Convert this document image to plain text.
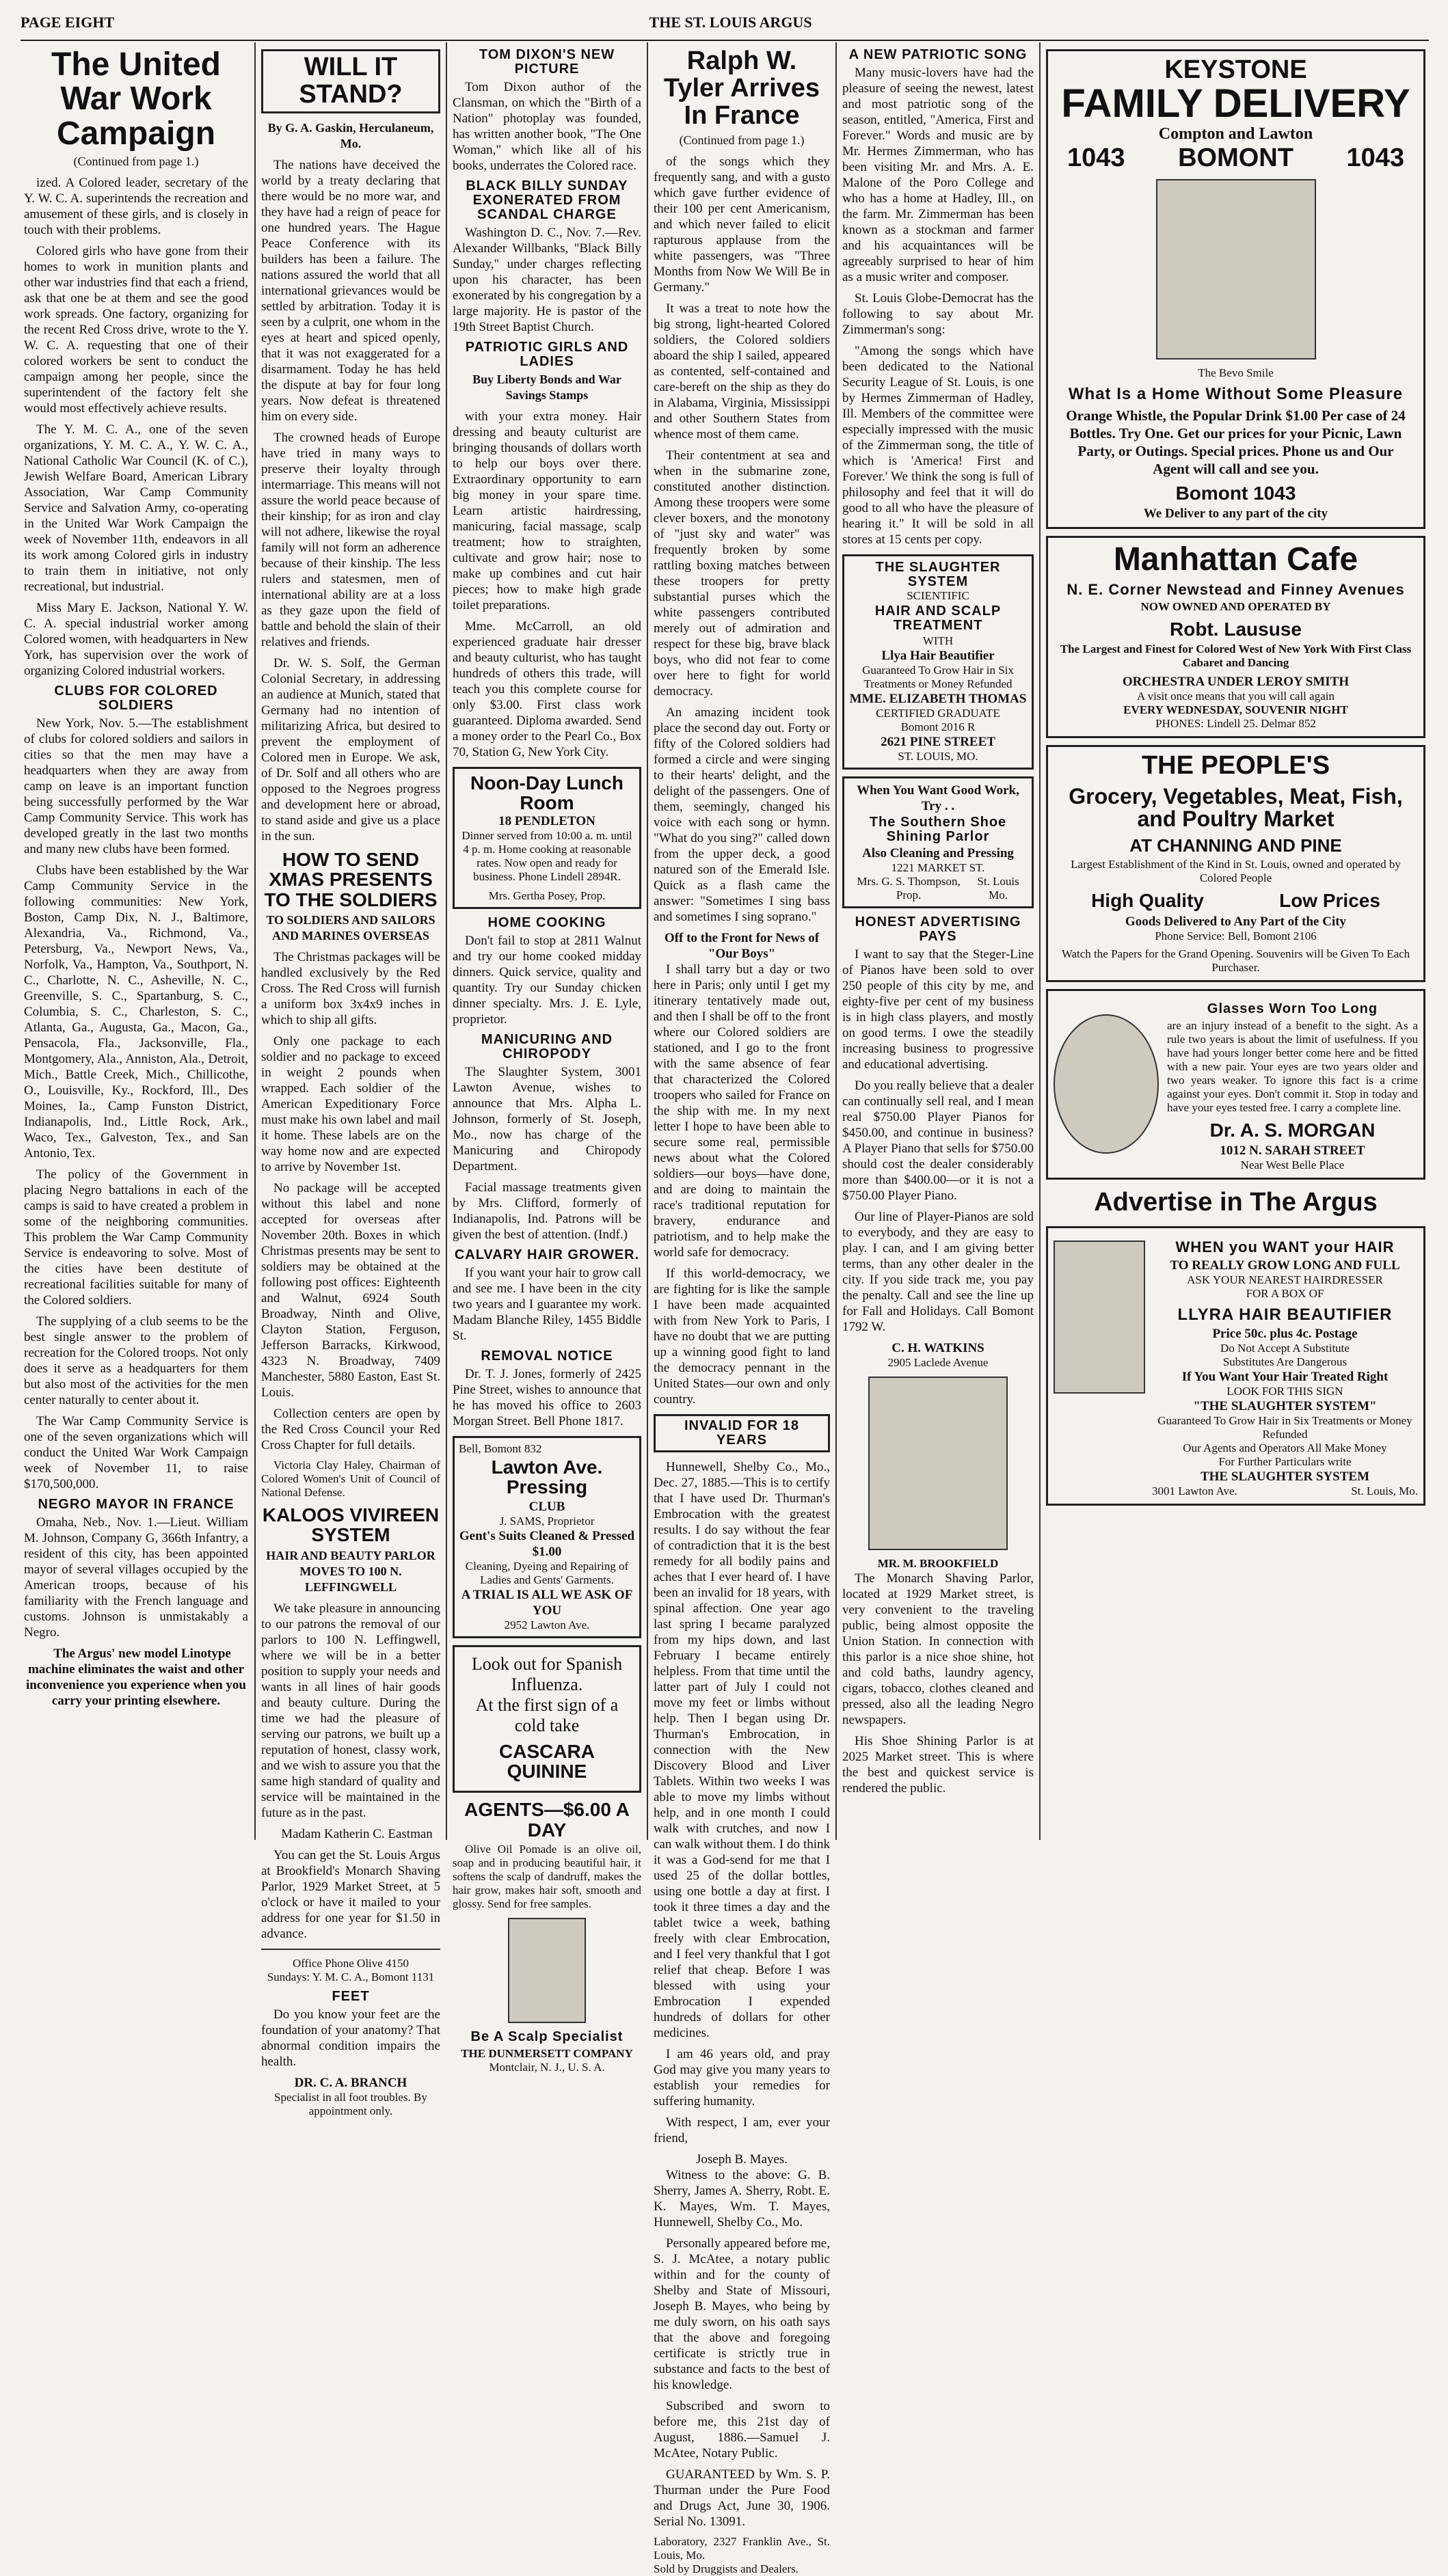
PAGE EIGHT	THE ST. LOUIS ARGUS
The United War Work Campaign
(Continued from page 1.)

ized. A Colored leader, secretary of the Y. W. C. A. superintends the recreation and amusement of these girls, and is closely in touch with their problems.

Colored girls who have gone from their homes to work in munition plants and other war industries find that each a friend, ask that one be at them and see the good work spreads. One factory, organizing for the recent Red Cross drive, wrote to the Y. W. C. A. requesting that one of their colored workers be sent to conduct the campaign among her people, since the superintendent of the factory felt she would most effectively achieve results.

The Y. M. C. A., one of the seven organizations, Y. M. C. A., Y. W. C. A., National Catholic War Council (K. of C.), Jewish Welfare Board, American Library Association, War Camp Community Service and Salvation Army, co-operating in the United War Work Campaign the week of November 11th, endeavors in all its work among Colored girls in industry to train them in initiative, not only recreational, but industrial.

Miss Mary E. Jackson, National Y. W. C. A. special industrial worker among Colored women, with headquarters in New York, has supervision over the work of organizing Colored industrial workers.

CLUBS FOR COLORED SOLDIERS

New York, Nov. 5.—The establishment of clubs for colored soldiers and sailors in cities so that the men may have a headquarters when they are away from camp on leave is an important function being successfully performed by the War Camp Community Service. This work has developed greatly in the last two months and many new clubs have been formed.

Clubs have been established by the War Camp Community Service in the following communities: New York, Boston, Camp Dix, N. J., Baltimore, Alexandria, Va., Richmond, Va., Petersburg, Va., Newport News, Va., Norfolk, Va., Hampton, Va., Southport, N. C., Charlotte, N. C., Asheville, N. C., Greenville, S. C., Spartanburg, S. C., Columbia, S. C., Charleston, S. C., Atlanta, Ga., Augusta, Ga., Macon, Ga., Pensacola, Fla., Jacksonville, Fla., Montgomery, Ala., Anniston, Ala., Detroit, Mich., Battle Creek, Mich., Chillicothe, O., Louisville, Ky., Rockford, Ill., Des Moines, Ia., Camp Funston District, Indianapolis, Ind., Little Rock, Ark., Waco, Tex., Galveston, Tex., and San Antonio, Tex.

The policy of the Government in placing Negro battalions in each of the camps is said to have created a problem in some of the neighboring communities. This problem the War Camp Community Service is endeavoring to solve. Most of the cities have been destitute of recreational facilities suitable for many of the Colored soldiers.

The supplying of a club seems to be the best single answer to the problem of recreation for the Colored troops. Not only does it serve as a headquarters for them but also most of the activities for the men center naturally to center about it.

The War Camp Community Service is one of the seven organizations which will conduct the United War Work Campaign week of November 11, to raise $170,500,000.

NEGRO MAYOR IN FRANCE

Omaha, Neb., Nov. 1.—Lieut. William M. Johnson, Company G, 366th Infantry, a resident of this city, has been appointed mayor of several villages occupied by the American troops, because of his familiarity with the French language and customs. Johnson is unmistakably a Negro.

The Argus' new model Linotype machine eliminates the waist and other inconvenience you experience when you carry your printing elsewhere.

WILL IT STAND?
By G. A. Gaskin, Herculaneum, Mo.

The nations have deceived the world by a treaty declaring that there would be no more war, and they have had a reign of peace for one hundred years. The Hague Peace Conference with its builders has been a failure. The nations assured the world that all international grievances would be settled by arbitration. Today it is seen by a culprit, one whom in the eyes at heart and spiced openly, that it was not exaggerated for a disarmament. Today he has held the dispute at bay for four long years. Now defeat is threatened him on every side.

The crowned heads of Europe have tried in many ways to preserve their loyalty through intermarriage. This means will not assure the world peace because of their kinship; for as iron and clay will not adhere, likewise the royal family will not form an adherence because of their kinship. The less rulers and statesmen, men of international ability are at a loss as they gaze upon the field of battle and behold the slain of their relatives and friends.

Dr. W. S. Solf, the German Colonial Secretary, in addressing an audience at Munich, stated that Germany had no intention of militarizing Africa, but desired to prevent the employment of Colored men in Europe. We ask, of Dr. Solf and all others who are opposed to the Negroes progress and development here or abroad, to stand aside and give us a place in the sun.

HOW TO SEND XMAS PRESENTS TO THE SOLDIERS
TO SOLDIERS AND SAILORS AND MARINES OVERSEAS

The Christmas packages will be handled exclusively by the Red Cross. The Red Cross will furnish a uniform box 3x4x9 inches in which to ship all gifts.

Only one package to each soldier and no package to exceed in weight 2 pounds when wrapped. Each soldier of the American Expeditionary Force must make his own label and mail it home. These labels are on the way home now and are expected to arrive by November 1st.

No package will be accepted without this label and none accepted for overseas after November 20th. Boxes in which Christmas presents may be sent to soldiers may be obtained at the following post offices: Eighteenth and Walnut, 6924 South Broadway, Ninth and Olive, Clayton Station, Ferguson, Jefferson Barracks, Kirkwood, 4323 N. Broadway, 7409 Manchester, 5880 Easton, East St. Louis.

Collection centers are open by the Red Cross Council your Red Cross Chapter for full details.

Victoria Clay Haley, Chairman of Colored Women's Unit of Council of National Defense.

KALOOS VIVIREEN SYSTEM
HAIR AND BEAUTY PARLOR MOVES TO 100 N. LEFFINGWELL

We take pleasure in announcing to our patrons the removal of our parlors to 100 N. Leffingwell, where we will be in a better position to supply your needs and wants in all lines of hair goods and beauty culture. During the time we had the pleasure of serving our patrons, we built up a reputation of honest, classy work, and we wish to assure you that the same high standard of quality and service will be maintained in the future as in the past.

Madam Katherin C. Eastman

You can get the St. Louis Argus at Brookfield's Monarch Shaving Parlor, 1929 Market Street, at 5 o'clock or have it mailed to your address for one year for $1.50 in advance.

Office Phone Olive 4150
Sundays: Y. M. C. A., Bomont 1131
FEET

Do you know your feet are the foundation of your anatomy? That abnormal condition impairs the health.

DR. C. A. BRANCH
Specialist in all foot troubles. By appointment only.
TOM DIXON'S NEW PICTURE

Tom Dixon author of the Clansman, on which the "Birth of a Nation" photoplay was founded, has written another book, "The One Woman," which like all of his books, underrates the Colored race.

BLACK BILLY SUNDAY EXONERATED FROM SCANDAL CHARGE

Washington D. C., Nov. 7.—Rev. Alexander Willbanks, "Black Billy Sunday," under charges reflecting upon his character, has been exonerated by his congregation by a large majority. He is pastor of the 19th Street Baptist Church.

PATRIOTIC GIRLS AND LADIES
Buy Liberty Bonds and War Savings Stamps

with your extra money. Hair dressing and beauty culturist are bringing thousands of dollars worth to help our boys over there. Extraordinary opportunity to earn big money in your spare time. Learn artistic hairdressing, manicuring, facial massage, scalp treatment; how to straighten, cultivate and grow hair; nose to make up combines and cut hair pieces; how to make high grade toilet preparations.

Mme. McCarroll, an old experienced graduate hair dresser and beauty culturist, who has taught hundreds of others this trade, will teach you this complete course for only $3.00. First class work guaranteed. Diploma awarded. Send a money order to the Pearl Co., Box 70, Station G, New York City.

Noon-Day Lunch Room
18 PENDLETON

Dinner served from 10:00 a. m. until 4 p. m. Home cooking at reasonable rates. Now open and ready for business. Phone Lindell 2894R.

Mrs. Gertha Posey, Prop.
HOME COOKING

Don't fail to stop at 2811 Walnut and try our home cooked midday dinners. Quick service, quality and quantity. Try our Sunday chicken dinner specialty. Mrs. J. E. Lyle, proprietor.

MANICURING AND CHIROPODY

The Slaughter System, 3001 Lawton Avenue, wishes to announce that Mrs. Alpha L. Johnson, formerly of St. Joseph, Mo., now has charge of the Manicuring and Chiropody Department.

Facial massage treatments given by Mrs. Clifford, formerly of Indianapolis, Ind. Patrons will be given the best of attention. (Indf.)

CALVARY HAIR GROWER.

If you want your hair to grow call and see me. I have been in the city two years and I guarantee my work. Madam Blanche Riley, 1455 Biddle St.

REMOVAL NOTICE

Dr. T. J. Jones, formerly of 2425 Pine Street, wishes to announce that he has moved his office to 2603 Morgan Street. Bell Phone 1817.

Bell, Bomont 832
Lawton Ave. Pressing
CLUB
J. SAMS, Proprietor
Gent's Suits Cleaned & Pressed $1.00
Cleaning, Dyeing and Repairing of Ladies and Gents' Garments.
A TRIAL IS ALL WE ASK OF YOU
2952 Lawton Ave.
Look out for Spanish Influenza.
At the first sign of a cold take
CASCARA QUININE
AGENTS—$6.00 A DAY

Olive Oil Pomade is an olive oil, soap and in producing beautiful hair, it softens the scalp of dandruff, makes the hair grow, makes hair soft, smooth and glossy. Send for free samples.

Be A Scalp Specialist
THE DUNMERSETT COMPANY
Montclair, N. J., U. S. A.
Ralph W. Tyler Arrives In France
(Continued from page 1.)

of the songs which they frequently sang, and with a gusto which gave further evidence of their 100 per cent Americanism, and which never failed to elicit rapturous applause from the white passengers, was "Three Months from Now We Will Be in Germany."

It was a treat to note how the big strong, light-hearted Colored soldiers, the Colored soldiers aboard the ship I sailed, appeared as contented, self-contained and care-bereft on the ship as they do in Alabama, Virginia, Mississippi and other Southern States from whence most of them came.

Their contentment at sea and when in the submarine zone, constituted another distinction. Among these troopers were some clever boxers, and the monotony of "just sky and water" was frequently broken by some rattling boxing matches between these troopers for pretty substantial purses which the white passengers contributed merely out of admiration and respect for these big, brave black boys, who did not fear to come over here to fight for world democracy.

An amazing incident took place the second day out. Forty or fifty of the Colored soldiers had formed a circle and were singing to their hearts' delight, and the delight of the passengers. One of them, seemingly, changed his voice with each song or hymn. "What do you sing?" called down from the upper deck, a good natured son of the Emerald Isle. Quick as a flash came the answer: "Sometimes I sing bass and sometimes I sing soprano."

Off to the Front for News of "Our Boys"

I shall tarry but a day or two here in Paris; only until I get my itinerary tentatively made out, and then I shall be off to the front where our Colored soldiers are stationed, and I go to the front with the same absence of fear that characterized the Colored troopers who sailed for France on the ship with me. In my next letter I hope to have been able to secure some real, permissible news about what the Colored soldiers—our boys—have done, and are doing to maintain the race's traditional reputation for bravery, endurance and patriotism, and to help make the world safe for democracy.

If this world-democracy, we are fighting for is like the sample I have been made acquainted with from New York to Paris, I have no doubt that we are putting up a winning good fight to land the democracy pennant in the United States—our own and only country.

INVALID FOR 18 YEARS

Hunnewell, Shelby Co., Mo., Dec. 27, 1885.—This is to certify that I have used Dr. Thurman's Embrocation with the greatest results. I do say without the fear of contradiction that it is the best remedy for all bodily pains and aches that I ever heard of. I have been an invalid for 18 years, with spinal affection. One year ago last spring I became paralyzed from my hips down, and last February I became entirely helpless. From that time until the latter part of July I could not move my feet or limbs without help. Then I began using Dr. Thurman's Embrocation, in connection with the New Discovery Blood and Liver Tablets. Within two weeks I was able to move my limbs without help, and in one month I could walk with crutches, and now I can walk without them. I do think it was a God-send for me that I used 25 of the dollar bottles, using one bottle a day at first. I took it three times a day and the tablet twice a week, bathing freely with clear Embrocation, and I feel very thankful that I got relief that cheap. Before I was blessed with using your Embrocation I expended hundreds of dollars for other medicines.

I am 46 years old, and pray God may give you many years to establish your remedies for suffering humanity.

With respect, I am, ever your friend,

Joseph B. Mayes.

Witness to the above: G. B. Sherry, James A. Sherry, Robt. E. K. Mayes, Wm. T. Mayes, Hunnewell, Shelby Co., Mo.

Personally appeared before me, S. J. McAtee, a notary public within and for the county of Shelby and State of Missouri, Joseph B. Mayes, who being by me duly sworn, on his oath says that the above and foregoing certificate is strictly true in substance and facts to the best of his knowledge.

Subscribed and sworn to before me, this 21st day of August, 1886.—Samuel J. McAtee, Notary Public.

GUARANTEED by Wm. S. P. Thurman under the Pure Food and Drugs Act, June 30, 1906. Serial No. 13091.

Laboratory, 2327 Franklin Ave., St. Louis, Mo.
Sold by Druggists and Dealers.
A NEW PATRIOTIC SONG

Many music-lovers have had the pleasure of seeing the newest, latest and most patriotic song of the season, entitled, "America, First and Forever." Words and music are by Mr. Hermes Zimmerman, who has been visiting Mr. and Mrs. A. E. Malone of the Poro College and who has a home at Hadley, Ill., on the farm. Mr. Zimmerman has been known as a stockman and farmer and his acquaintances will be agreeably surprised to hear of him as a music writer and composer.

St. Louis Globe-Democrat has the following to say about Mr. Zimmerman's song:

"Among the songs which have been dedicated to the National Security League of St. Louis, is one by Hermes Zimmerman of Hadley, Ill. Members of the committee were especially impressed with the music of the Zimmerman song, the title of which is 'America! First and Forever.' We think the song is full of philosophy and feel that it will do good to all who have the pleasure of hearing it." It will be sold in all stores at 15 cents per copy.

THE SLAUGHTER SYSTEM
SCIENTIFIC
HAIR AND SCALP TREATMENT
WITH
Llya Hair Beautifier
Guaranteed To Grow Hair in Six Treatments or Money Refunded
MME. ELIZABETH THOMAS
CERTIFIED GRADUATE
Bomont 2016 R
2621 PINE STREET
ST. LOUIS, MO.
When You Want Good Work, Try . .
The Southern Shoe Shining Parlor
Also Cleaning and Pressing
1221 MARKET ST.
Mrs. G. S. Thompson, Prop.
St. Louis Mo.
HONEST ADVERTISING PAYS

I want to say that the Steger-Line of Pianos have been sold to over 250 people of this city by me, and eighty-five per cent of my business is in high class players, and mostly on good terms. I owe the steadily increasing business to progressive and educational advertising.

Do you really believe that a dealer can continually sell real, and I mean real $750.00 Player Pianos for $450.00, and continue in business? A Player Piano that sells for $750.00 should cost the dealer considerably more than $400.00—or it is not a $750.00 Player Piano.

Our line of Player-Pianos are sold to everybody, and they are easy to play. I can, and I am giving better terms, than any other dealer in the city. If you side track me, you pay the penalty. Call and see the line up for Fall and Holidays. Call Bomont 1792 W.

C. H. WATKINS
2905 Laclede Avenue
MR. M. BROOKFIELD

The Monarch Shaving Parlor, located at 1929 Market street, is very convenient to the traveling public, being almost opposite the Union Station. In connection with this parlor is a nice shoe shine, hot and cold baths, laundry agency, cigars, tobacco, clothes cleaned and pressed, also all the leading Negro newspapers.

His Shoe Shining Parlor is at 2025 Market street. This is where the best and quickest service is rendered the public.

KEYSTONE
FAMILY DELIVERY
Compton and Lawton
1043 BOMONT 1043
The Bevo Smile
What Is a Home Without Some Pleasure
Orange Whistle, the Popular Drink $1.00 Per case of 24 Bottles. Try One. Get our prices for your Picnic, Lawn Party, or Outings. Special prices. Phone us and Our Agent will call and see you.
Bomont 1043
We Deliver to any part of the city
Manhattan Cafe
N. E. Corner Newstead and Finney Avenues
NOW OWNED AND OPERATED BY
Robt. Laususe
The Largest and Finest for Colored West of New York With First Class Cabaret and Dancing
ORCHESTRA UNDER LEROY SMITH
A visit once means that you will call again
EVERY WEDNESDAY, SOUVENIR NIGHT
PHONES: Lindell 25. Delmar 852
THE PEOPLE'S
Grocery, Vegetables, Meat, Fish, and Poultry Market
AT CHANNING AND PINE
Largest Establishment of the Kind in St. Louis, owned and operated by Colored People
High Quality	Low Prices
Goods Delivered to Any Part of the City
Phone Service: Bell, Bomont 2106
Watch the Papers for the Grand Opening. Souvenirs will be Given To Each Purchaser.
Glasses Worn Too Long
are an injury instead of a benefit to the sight. As a rule two years is about the limit of usefulness. If you have had yours longer better come here and be fitted with a new pair. Your eyes are two years older and two years weaker. To ignore this fact is a crime against your eyes. Don't commit it. Stop in today and have your eyes tested free. I carry a complete line.
Dr. A. S. MORGAN
1012 N. SARAH STREET
Near West Belle Place
Advertise in The Argus
WHEN you WANT your HAIR
TO REALLY GROW LONG AND FULL
ASK YOUR NEAREST HAIRDRESSER
FOR A BOX OF
LLYRA HAIR BEAUTIFIER
Price 50c. plus 4c. Postage
Do Not Accept A Substitute
Substitutes Are Dangerous
If You Want Your Hair Treated Right
LOOK FOR THIS SIGN
"THE SLAUGHTER SYSTEM"
Guaranteed To Grow Hair in Six Treatments or Money Refunded
Our Agents and Operators All Make Money
For Further Particulars write
THE SLAUGHTER SYSTEM
3001 Lawton Ave.	St. Louis, Mo.
